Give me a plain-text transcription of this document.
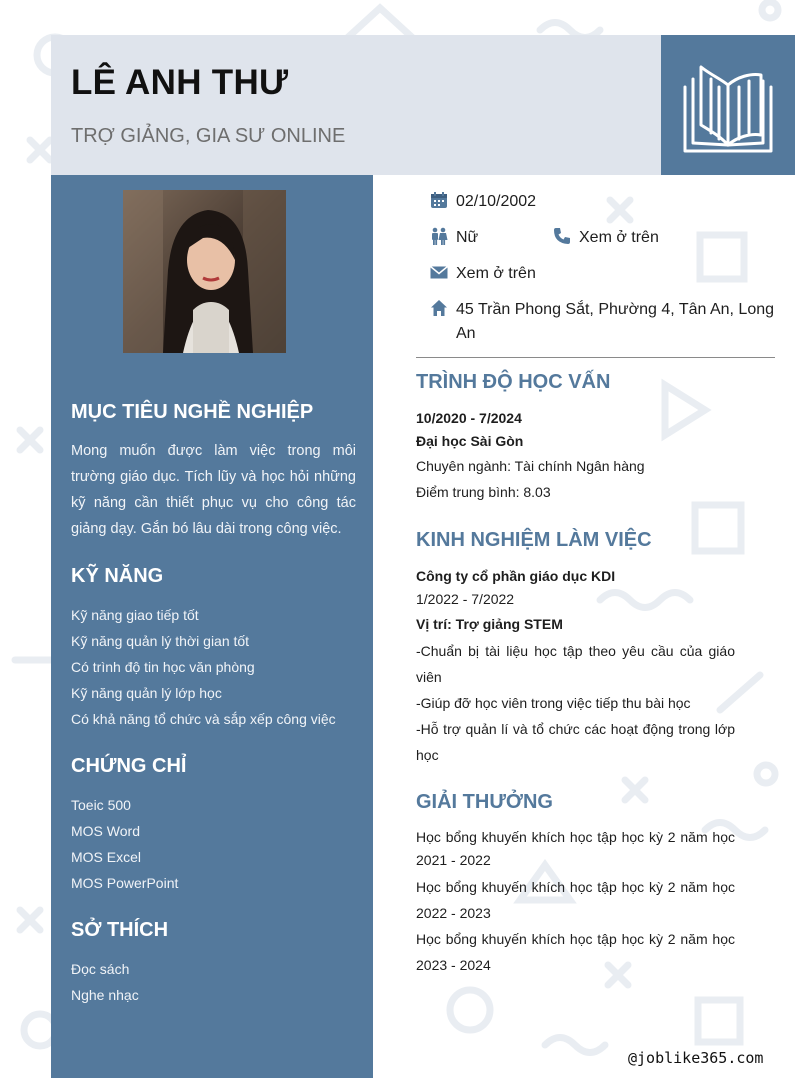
LÊ ANH THƯ
TRỢ GIẢNG, GIA SƯ ONLINE
MỤC TIÊU NGHỀ NGHIỆP
Mong muốn được làm việc trong môi trường giáo dục. Tích lũy và học hỏi những kỹ năng cần thiết phục vụ cho công tác giảng dạy. Gắn bó lâu dài trong công việc.
KỸ NĂNG
Kỹ năng giao tiếp tốt
Kỹ năng quản lý thời gian tốt
Có trình độ tin học văn phòng
Kỹ năng quản lý lớp học
Có khả năng tổ chức và sắp xếp công việc
CHỨNG CHỈ
Toeic 500
MOS Word
MOS Excel
MOS PowerPoint
SỞ THÍCH
Đọc sách
Nghe nhạc
02/10/2002
Nữ	Xem ở trên
Xem ở trên
45 Trần Phong Sắt, Phường 4, Tân An, Long An
TRÌNH ĐỘ HỌC VẤN
10/2020 - 7/2024
Đại học Sài Gòn
Chuyên ngành: Tài chính Ngân hàng
Điểm trung bình: 8.03
KINH NGHIỆM LÀM VIỆC
Công ty cổ phần giáo dục KDI
1/2022 - 7/2022
Vị trí: Trợ giảng STEM
-Chuẩn bị tài liệu học tập theo yêu cầu của giáo viên
-Giúp đỡ học viên trong việc tiếp thu bài học
-Hỗ trợ quản lí và tổ chức các hoạt động trong lớp học
GIẢI THƯỞNG
Học bổng khuyến khích học tập học kỳ 2 năm học 2021 - 2022
Học bổng khuyến khích học tập học kỳ 2 năm học 2022 - 2023
Học bổng khuyến khích học tập học kỳ 2 năm học 2023 - 2024
@joblike365.com
